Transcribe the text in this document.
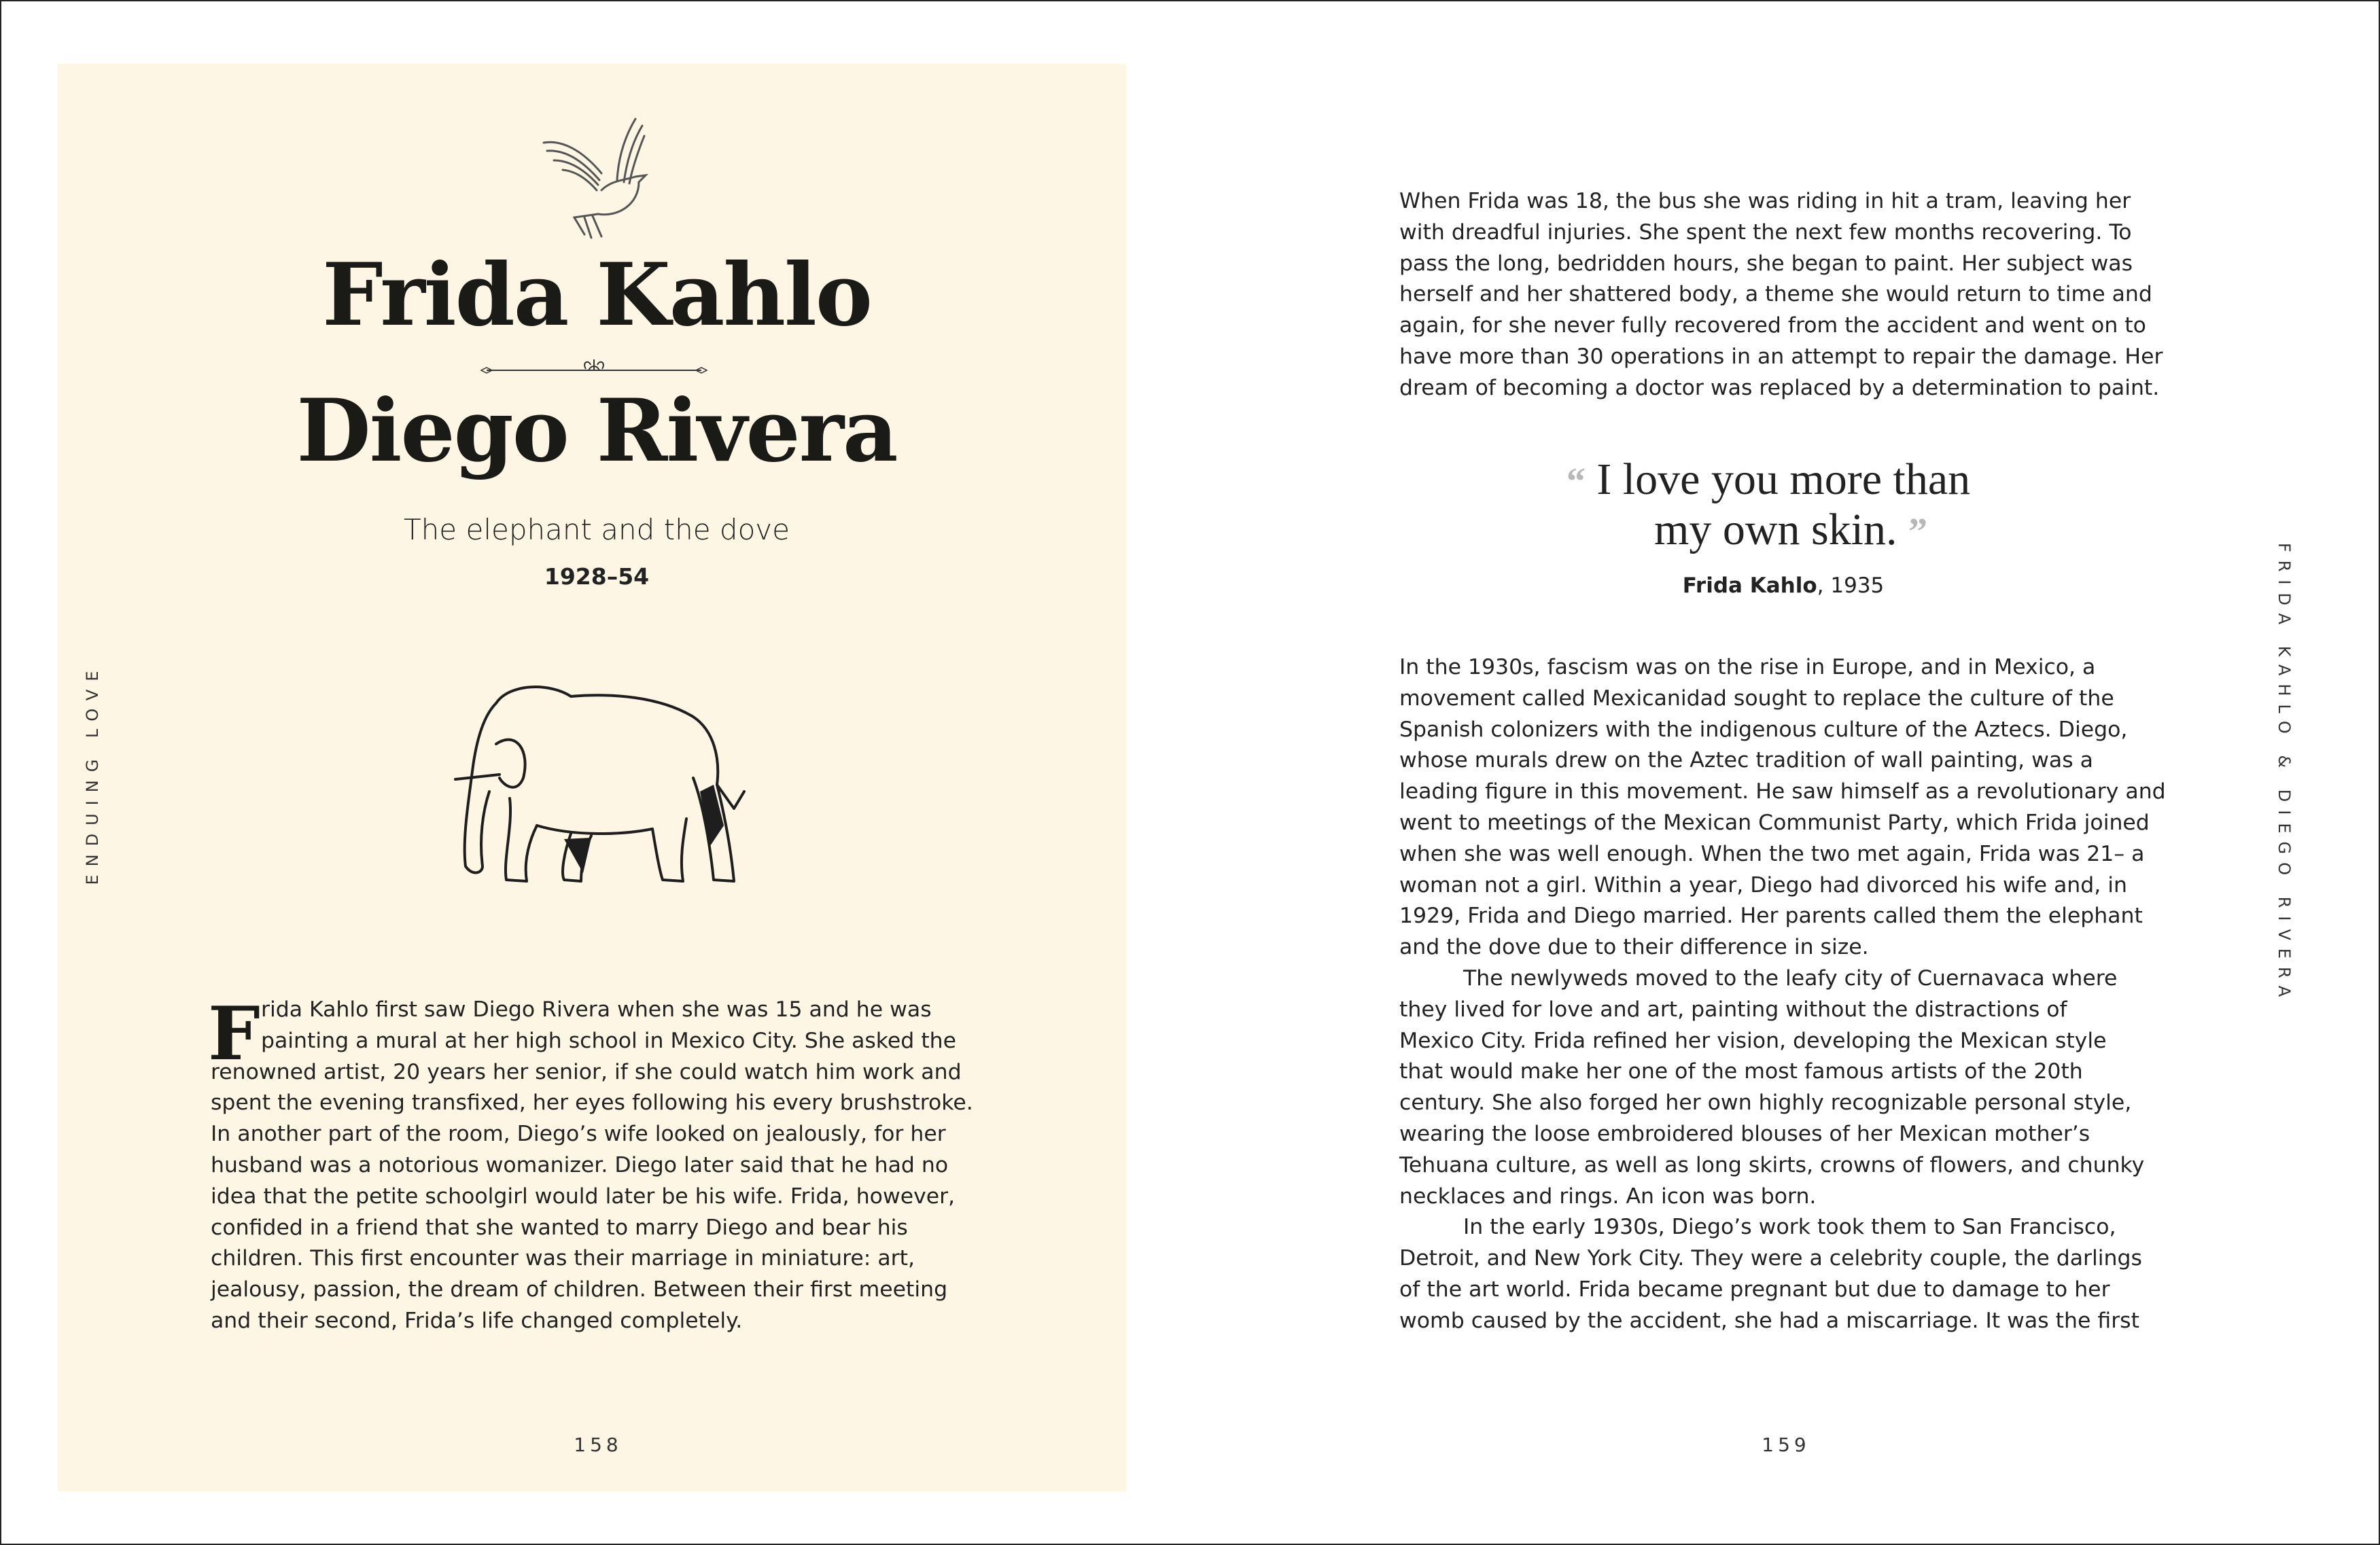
Frida Kahlo
Diego Rivera
The elephant and the dove
1928–54
ENDUING LOVE
F rida Kahlo first saw Diego Rivera when she was 15 and he was
painting a mural at her high school in Mexico City. She asked the
renowned artist, 20 years her senior, if she could watch him work and
spent the evening transfixed, her eyes following his every brushstroke.
In another part of the room, Diego’s wife looked on jealously, for her
husband was a notorious womanizer. Diego later said that he had no
idea that the petite schoolgirl would later be his wife. Frida, however,
confided in a friend that she wanted to marry Diego and bear his
children. This first encounter was their marriage in miniature: art,
jealousy, passion, the dream of children. Between their first meeting
and their second, Frida’s life changed completely.
158
When Frida was 18, the bus she was riding in hit a tram, leaving her
with dreadful injuries. She spent the next few months recovering. To
pass the long, bedridden hours, she began to paint. Her subject was
herself and her shattered body, a theme she would return to time and
again, for she never fully recovered from the accident and went on to
have more than 30 operations in an attempt to repair the damage. Her
dream of becoming a doctor was replaced by a determination to paint.
“ I love you more than
my own skin. ”
Frida Kahlo, 1935
In the 1930s, fascism was on the rise in Europe, and in Mexico, a
movement called Mexicanidad sought to replace the culture of the
Spanish colonizers with the indigenous culture of the Aztecs. Diego,
whose murals drew on the Aztec tradition of wall painting, was a
leading figure in this movement. He saw himself as a revolutionary and
went to meetings of the Mexican Communist Party, which Frida joined
when she was well enough. When the two met again, Frida was 21– a
woman not a girl. Within a year, Diego had divorced his wife and, in
1929, Frida and Diego married. Her parents called them the elephant
and the dove due to their difference in size.
The newlyweds moved to the leafy city of Cuernavaca where
they lived for love and art, painting without the distractions of
Mexico City. Frida refined her vision, developing the Mexican style
that would make her one of the most famous artists of the 20th
century. She also forged her own highly recognizable personal style,
wearing the loose embroidered blouses of her Mexican mother’s
Tehuana culture, as well as long skirts, crowns of flowers, and chunky
necklaces and rings. An icon was born.
In the early 1930s, Diego’s work took them to San Francisco,
Detroit, and New York City. They were a celebrity couple, the darlings
of the art world. Frida became pregnant but due to damage to her
womb caused by the accident, she had a miscarriage. It was the first
FRIDA KAHLO & DIEGO RIVERA
159
